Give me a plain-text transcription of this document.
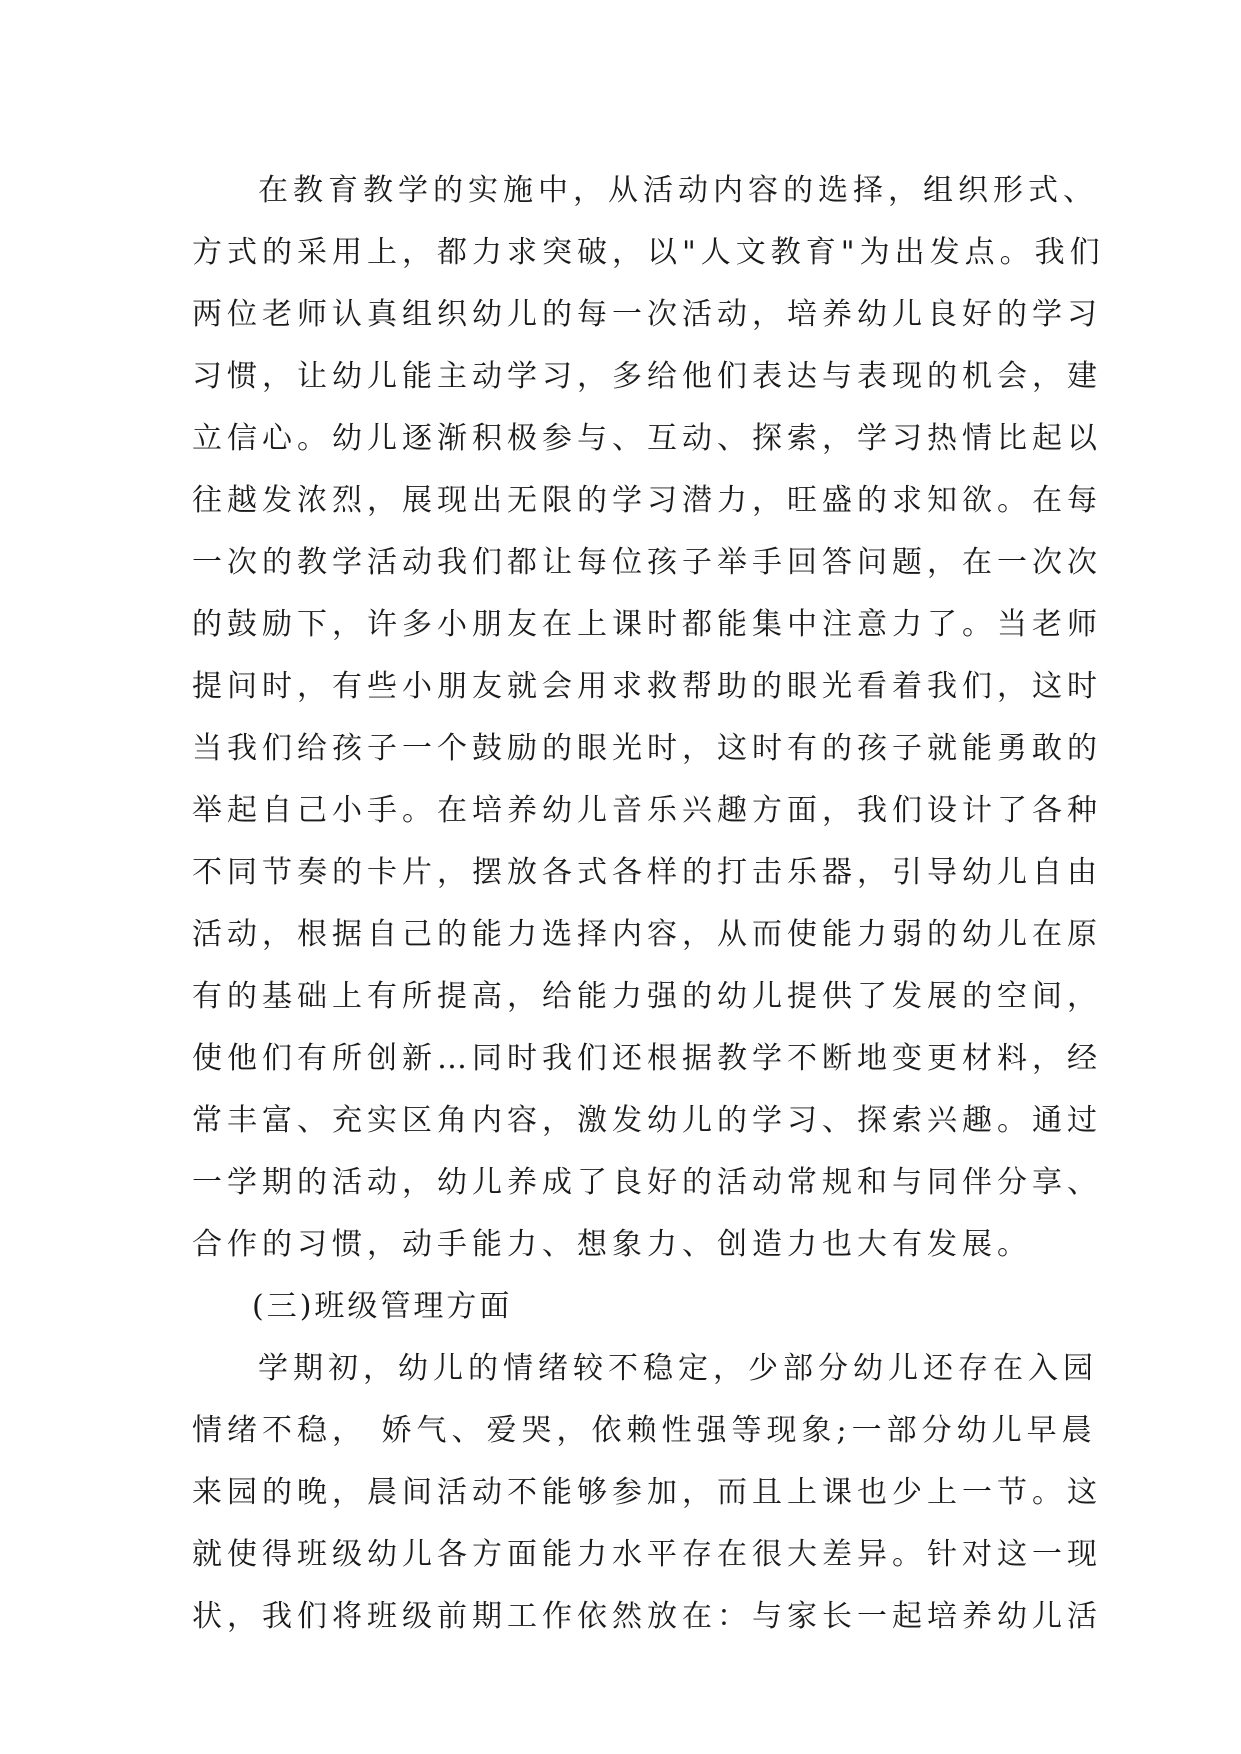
在教育教学的实施中，从活动内容的选择，组织形式、
方式的采用上，都力求突破，以"人文教育"为出发点。我们
两位老师认真组织幼儿的每一次活动，培养幼儿良好的学习
习惯，让幼儿能主动学习，多给他们表达与表现的机会，建
立信心。幼儿逐渐积极参与、互动、探索，学习热情比起以
往越发浓烈，展现出无限的学习潜力，旺盛的求知欲。在每
一次的教学活动我们都让每位孩子举手回答问题，在一次次
的鼓励下，许多小朋友在上课时都能集中注意力了。当老师
提问时，有些小朋友就会用求救帮助的眼光看着我们，这时
当我们给孩子一个鼓励的眼光时，这时有的孩子就能勇敢的
举起自己小手。在培养幼儿音乐兴趣方面，我们设计了各种
不同节奏的卡片，摆放各式各样的打击乐器，引导幼儿自由
活动，根据自己的能力选择内容，从而使能力弱的幼儿在原
有的基础上有所提高，给能力强的幼儿提供了发展的空间，
使他们有所创新…同时我们还根据教学不断地变更材料，经
常丰富、充实区角内容，激发幼儿的学习、探索兴趣。通过
一学期的活动，幼儿养成了良好的活动常规和与同伴分享、
合作的习惯，动手能力、想象力、创造力也大有发展。
(三)班级管理方面
学期初，幼儿的情绪较不稳定，少部分幼儿还存在入园
情绪不稳， 娇气、爱哭，依赖性强等现象;一部分幼儿早晨
来园的晚，晨间活动不能够参加，而且上课也少上一节。这
就使得班级幼儿各方面能力水平存在很大差异。针对这一现
状，我们将班级前期工作依然放在：与家长一起培养幼儿活
